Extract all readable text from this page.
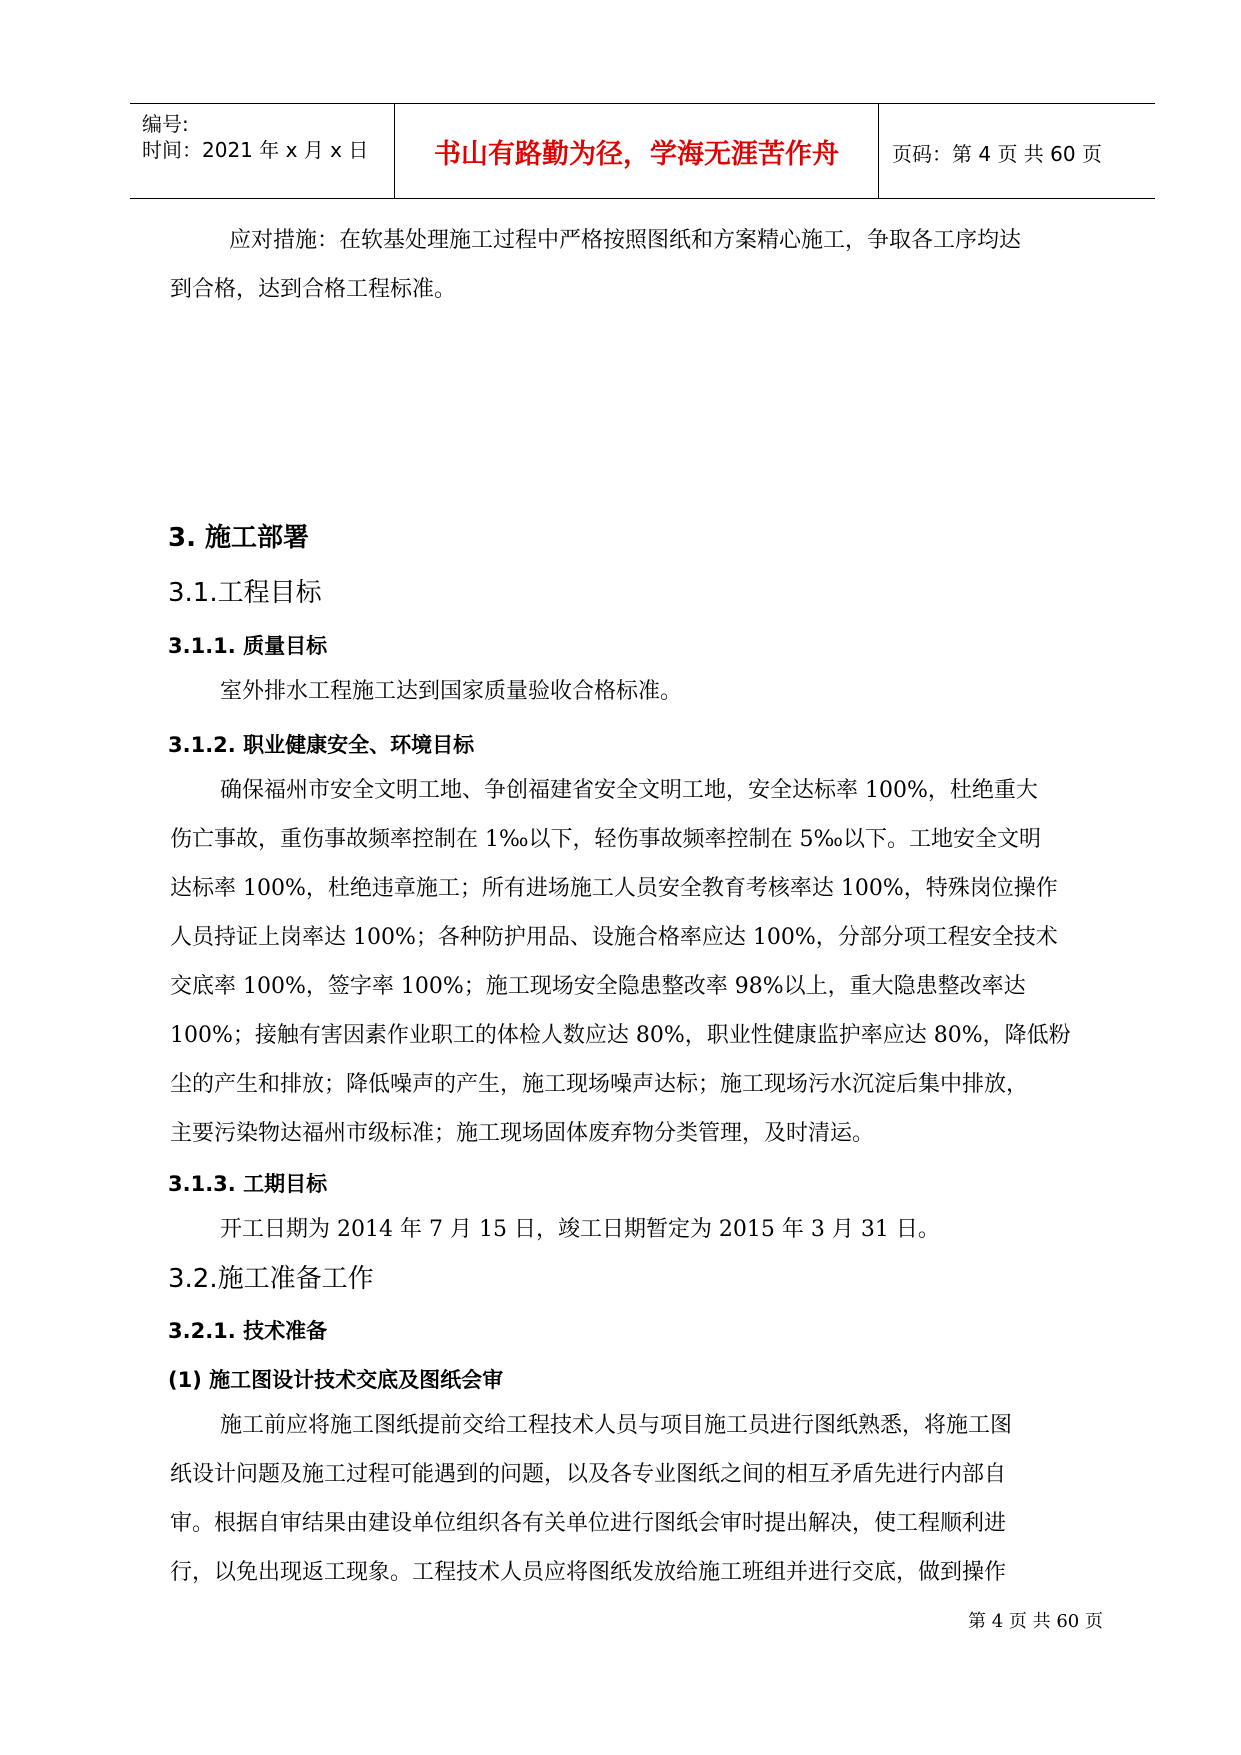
编号:
时间：2021 年 x 月 x 日	书山有路勤为径，学海无涯苦作舟	页码：第 4 页 共 60 页
应对措施：在软基处理施工过程中严格按照图纸和方案精心施工，争取各工序均达
到合格，达到合格工程标准。
3. 施工部署
3.1.工程目标
3.1.1. 质量目标
室外排水工程施工达到国家质量验收合格标准。
3.1.2. 职业健康安全、环境目标
确保福州市安全文明工地、争创福建省安全文明工地，安全达标率 100%，杜绝重大
伤亡事故，重伤事故频率控制在 1‰以下，轻伤事故频率控制在 5‰以下。工地安全文明
达标率 100%，杜绝违章施工；所有进场施工人员安全教育考核率达 100%，特殊岗位操作
人员持证上岗率达 100%；各种防护用品、设施合格率应达 100%，分部分项工程安全技术
交底率 100%，签字率 100%；施工现场安全隐患整改率 98%以上，重大隐患整改率达
100%；接触有害因素作业职工的体检人数应达 80%，职业性健康监护率应达 80%，降低粉
尘的产生和排放；降低噪声的产生，施工现场噪声达标；施工现场污水沉淀后集中排放，
主要污染物达福州市级标准；施工现场固体废弃物分类管理，及时清运。
3.1.3. 工期目标
开工日期为 2014 年 7 月 15 日，竣工日期暂定为 2015 年 3 月 31 日。
3.2.施工准备工作
3.2.1. 技术准备
(1) 施工图设计技术交底及图纸会审
施工前应将施工图纸提前交给工程技术人员与项目施工员进行图纸熟悉，将施工图
纸设计问题及施工过程可能遇到的问题，以及各专业图纸之间的相互矛盾先进行内部自
审。根据自审结果由建设单位组织各有关单位进行图纸会审时提出解决，使工程顺利进
行，以免出现返工现象。工程技术人员应将图纸发放给施工班组并进行交底，做到操作
第 4 页 共 60 页
